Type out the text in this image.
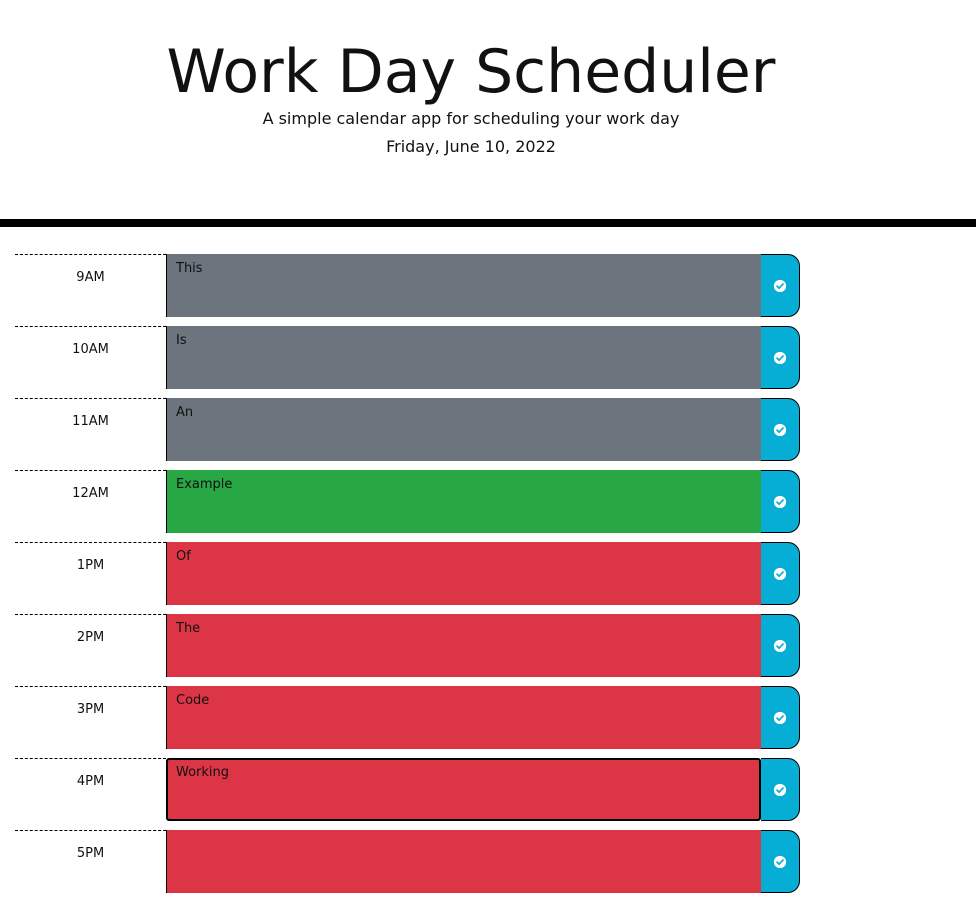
Work Day Scheduler

A simple calendar app for scheduling your work day

Friday, June 10, 2022

9AM
This
10AM
Is
11AM
An
12AM
Example
1PM
Of
2PM
The
3PM
Code
4PM
Working
5PM
